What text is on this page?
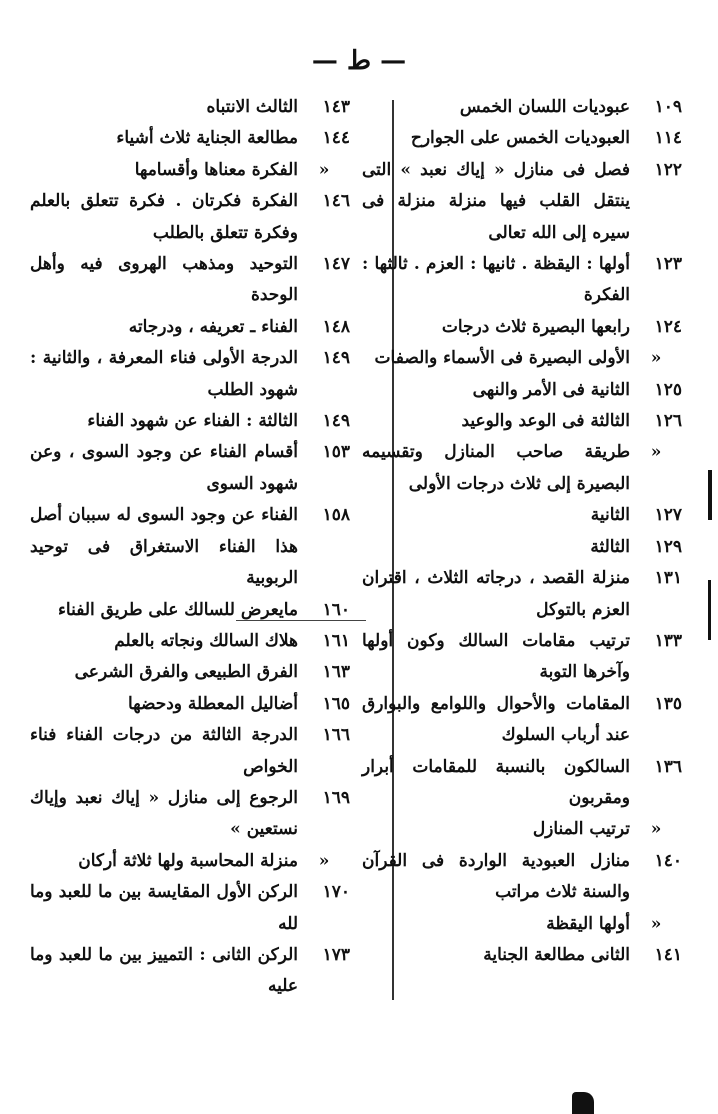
— ط —
١٠٩
عبوديات اللسان الخمس
١١٤
العبوديات الخمس على الجوارح
١٢٢
فصل فى منازل « إياك نعبد » التى ينتقل القلب فيها منزلة منزلة فى سيره إلى الله تعالى
١٢٣
أولها : اليقظة . ثانيها : العزم . ثالثها : الفكرة
١٢٤
رابعها البصيرة ثلاث درجات
«
الأولى البصيرة فى الأسماء والصفات
١٢٥
الثانية فى الأمر والنهى
١٢٦
الثالثة فى الوعد والوعيد
«
طريقة صاحب المنازل وتقسيمه البصيرة إلى ثلاث درجات الأولى
١٢٧
الثانية
١٢٩
الثالثة
١٣١
منزلة القصد ، درجاته الثلاث ، اقتران العزم بالتوكل
١٣٣
ترتيب مقامات السالك وكون أولها وآخرها التوبة
١٣٥
المقامات والأحوال واللوامع والبوارق عند أرباب السلوك
١٣٦
السالكون بالنسبة للمقامات أبرار ومقربون
«
ترتيب المنازل
١٤٠
منازل العبودية الواردة فى القرآن والسنة ثلاث مراتب
«
أولها اليقظة
١٤١
الثانى مطالعة الجناية
١٤٣
الثالث الانتباه
١٤٤
مطالعة الجناية ثلاث أشياء
«
الفكرة معناها وأقسامها
١٤٦
الفكرة فكرتان . فكرة تتعلق بالعلم وفكرة تتعلق بالطلب
١٤٧
التوحيد ومذهب الهروى فيه وأهل الوحدة
١٤٨
الفناء ـ تعريفه ، ودرجاته
١٤٩
الدرجة الأولى فناء المعرفة ، والثانية : شهود الطلب
١٤٩
الثالثة : الفناء عن شهود الفناء
١٥٣
أقسام الفناء عن وجود السوى ، وعن شهود السوى
١٥٨
الفناء عن وجود السوى له سببان أصل هذا الفناء الاستغراق فى توحيد الربوبية
١٦٠
مايعرض للسالك على طريق الفناء
١٦١
هلاك السالك ونجاته بالعلم
١٦٣
الفرق الطبيعى والفرق الشرعى
١٦٥
أضاليل المعطلة ودحضها
١٦٦
الدرجة الثالثة من درجات الفناء فناء الخواص
١٦٩
الرجوع إلى منازل « إياك نعبد وإياك نستعين »
«
منزلة المحاسبة ولها ثلاثة أركان
١٧٠
الركن الأول المقايسة بين ما للعبد وما لله
١٧٣
الركن الثانى : التمييز بين ما للعبد وما عليه
